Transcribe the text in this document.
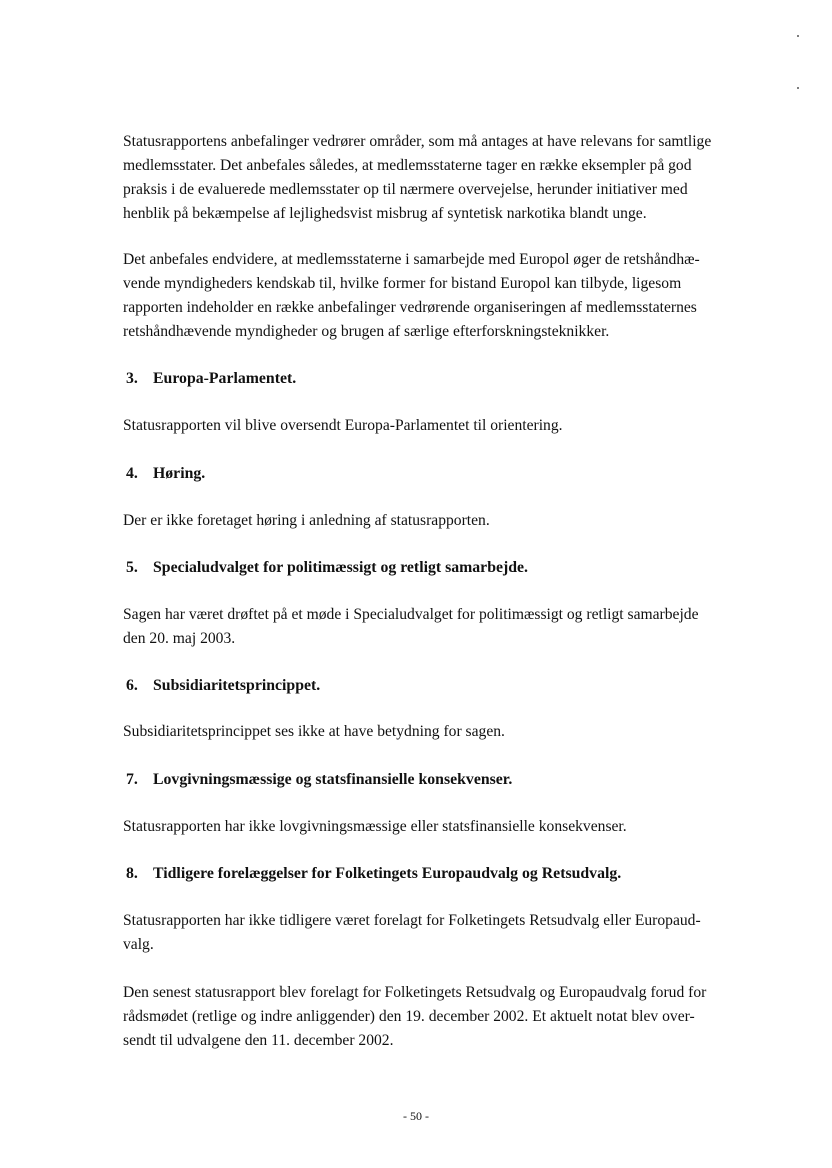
Statusrapportens anbefalinger vedrører områder, som må antages at have relevans for samtlige
medlemsstater. Det anbefales således, at medlemsstaterne tager en række eksempler på god
praksis i de evaluerede medlemsstater op til nærmere overvejelse, herunder initiativer med
henblik på bekæmpelse af lejlighedsvist misbrug af syntetisk narkotika blandt unge.

Det anbefales endvidere, at medlemsstaterne i samarbejde med Europol øger de retshåndhæ-
vende myndigheders kendskab til, hvilke former for bistand Europol kan tilbyde, ligesom
rapporten indeholder en række anbefalinger vedrørende organiseringen af medlemsstaternes
retshåndhævende myndigheder og brugen af særlige efterforskningsteknikker.

3. Europa-Parlamentet.

Statusrapporten vil blive oversendt Europa-Parlamentet til orientering.

4. Høring.

Der er ikke foretaget høring i anledning af statusrapporten.

5. Specialudvalget for politimæssigt og retligt samarbejde.

Sagen har været drøftet på et møde i Specialudvalget for politimæssigt og retligt samarbejde
den 20. maj 2003.

6. Subsidiaritetsprincippet.

Subsidiaritetsprincippet ses ikke at have betydning for sagen.

7. Lovgivningsmæssige og statsfinansielle konsekvenser.

Statusrapporten har ikke lovgivningsmæssige eller statsfinansielle konsekvenser.

8. Tidligere forelæggelser for Folketingets Europaudvalg og Retsudvalg.

Statusrapporten har ikke tidligere været forelagt for Folketingets Retsudvalg eller Europaud-
valg.

Den senest statusrapport blev forelagt for Folketingets Retsudvalg og Europaudvalg forud for
rådsmødet (retlige og indre anliggender) den 19. december 2002. Et aktuelt notat blev over-
sendt til udvalgene den 11. december 2002.

- 50 -
